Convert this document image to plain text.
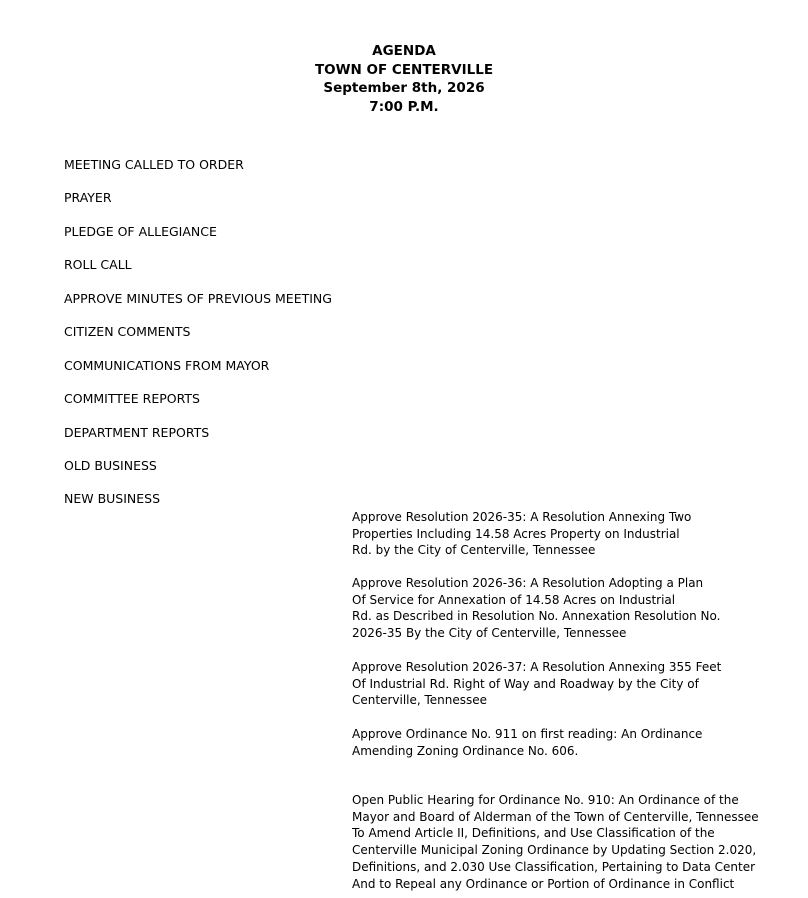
AGENDA
TOWN OF CENTERVILLE
September 8th, 2026
7:00 P.M.
MEETING CALLED TO ORDER
PRAYER
PLEDGE OF ALLEGIANCE
ROLL CALL
APPROVE MINUTES OF PREVIOUS MEETING
CITIZEN COMMENTS
COMMUNICATIONS FROM MAYOR
COMMITTEE REPORTS
DEPARTMENT REPORTS
OLD BUSINESS
NEW BUSINESS
Approve Resolution 2026-35: A Resolution Annexing Two
Properties Including 14.58 Acres Property on Industrial
Rd. by the City of Centerville, Tennessee
Approve Resolution 2026-36: A Resolution Adopting a Plan
Of Service for Annexation of 14.58 Acres on Industrial
Rd. as Described in Resolution No. Annexation Resolution No.
2026-35 By the City of Centerville, Tennessee
Approve Resolution 2026-37: A Resolution Annexing 355 Feet
Of Industrial Rd. Right of Way and Roadway by the City of
Centerville, Tennessee
Approve Ordinance No. 911 on first reading: An Ordinance
Amending Zoning Ordinance No. 606.
Open Public Hearing for Ordinance No. 910: An Ordinance of the
Mayor and Board of Alderman of the Town of Centerville, Tennessee
To Amend Article II, Definitions, and Use Classification of the
Centerville Municipal Zoning Ordinance by Updating Section 2.020,
Definitions, and 2.030 Use Classification, Pertaining to Data Center
And to Repeal any Ordinance or Portion of Ordinance in Conflict
